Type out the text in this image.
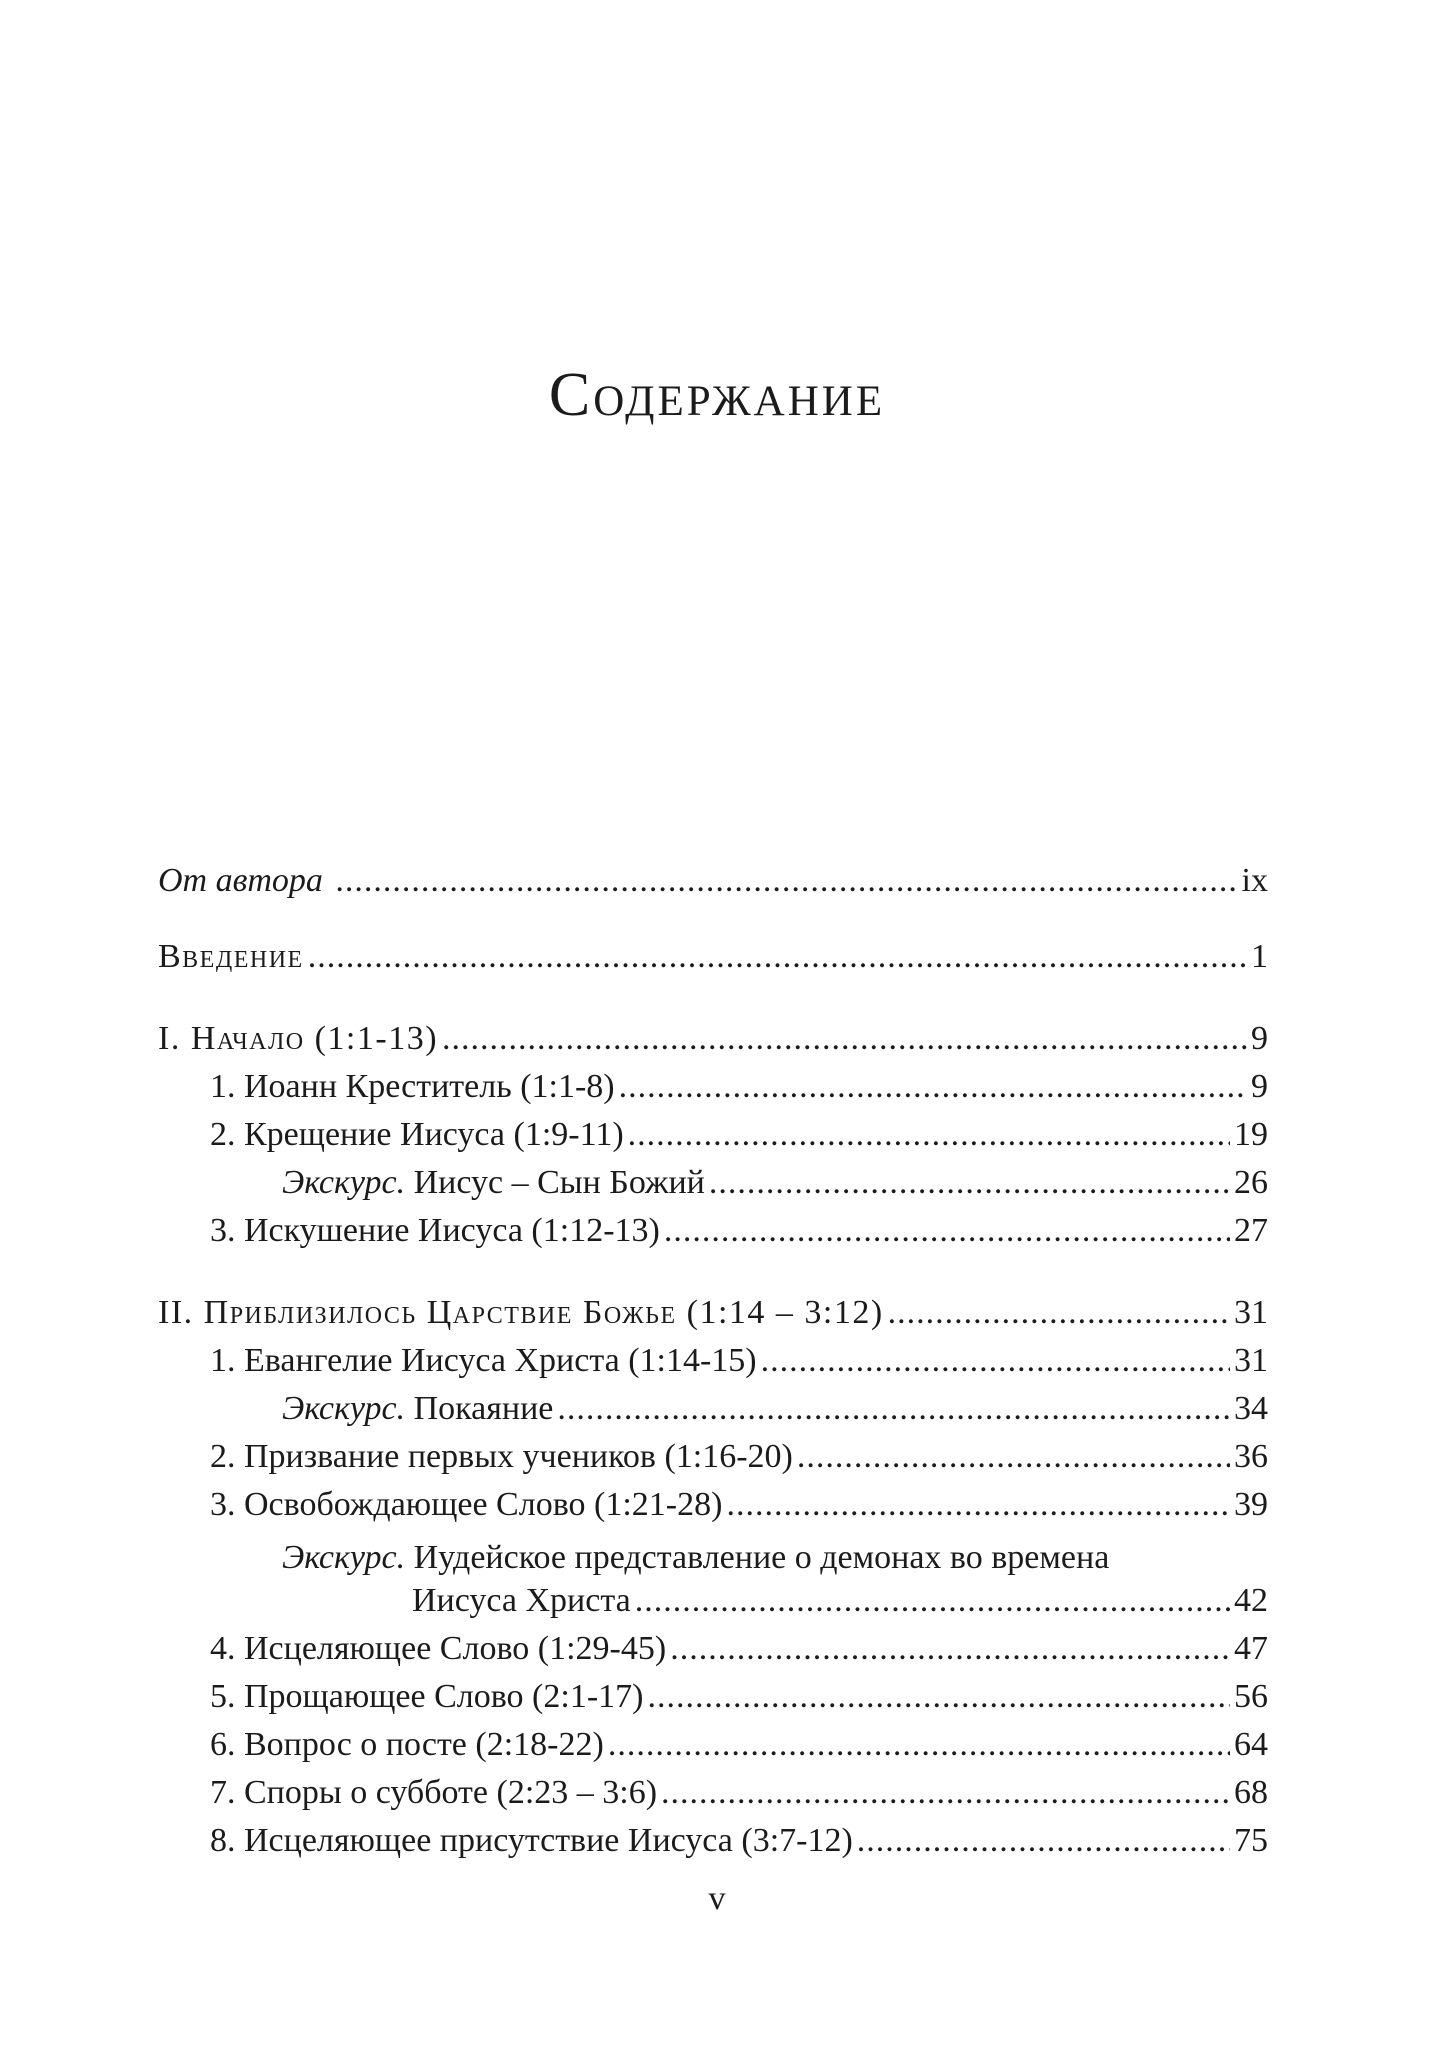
Содержание
От автора .....	ix
Введение .....	1
I. Начало (1:1-13) .....	9
1. Иоанн Креститель (1:1-8) .....	9
2. Крещение Иисуса (1:9-11) .....	19
Экскурс. Иисус – Сын Божий .....	26
3. Искушение Иисуса (1:12-13) .....	27
II. Приблизилось Царствие Божье (1:14 – 3:12) .....	31
1. Евангелие Иисуса Христа (1:14-15) .....	31
Экскурс. Покаяние .....	34
2. Призвание первых учеников (1:16-20) .....	36
3. Освобождающее Слово (1:21-28) .....	39
Экскурс. Иудейское представление о демонах во времена
Иисуса Христа .....	42
4. Исцеляющее Слово (1:29-45) .....	47
5. Прощающее Слово (2:1-17) .....	56
6. Вопрос о посте (2:18-22) .....	64
7. Споры о субботе (2:23 – 3:6) .....	68
8. Исцеляющее присутствие Иисуса (3:7-12) .....	75
v
